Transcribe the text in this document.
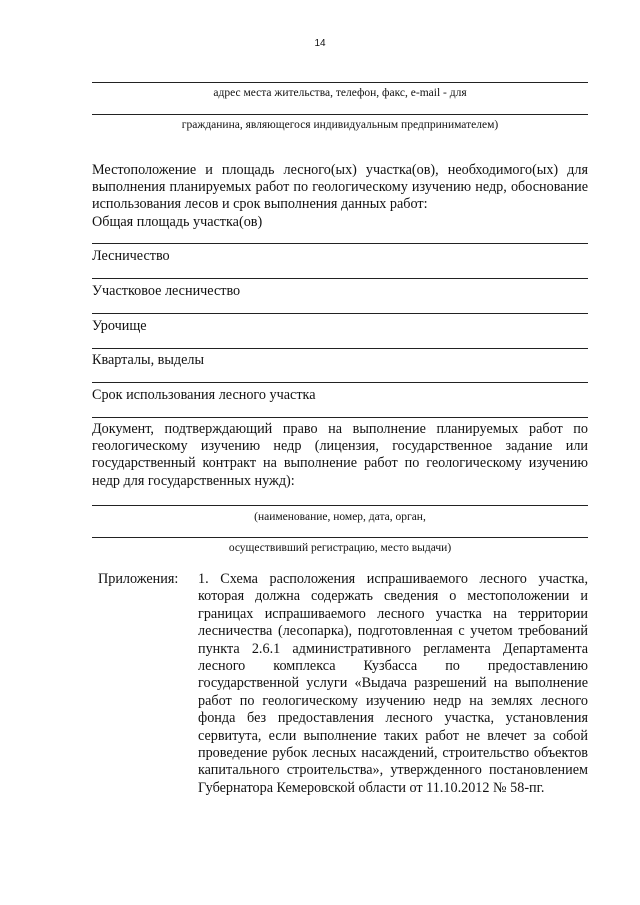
14
адрес места жительства, телефон, факс, e-mail - для
гражданина, являющегося индивидуальным предпринимателем)
Местоположение и площадь лесного(ых) участка(ов), необходимого(ых) для выполнения планируемых работ по геологическому изучению недр, обоснование использования лесов и срок выполнения данных работ:
Общая площадь участка(ов)
Лесничество
Участковое лесничество
Урочище
Кварталы, выделы
Срок использования лесного участка
Документ, подтверждающий право на выполнение планируемых работ по геологическому изучению недр (лицензия, государственное задание или государственный контракт на выполнение работ по геологическому изучению недр для государственных нужд):
(наименование, номер, дата, орган,
осуществивший регистрацию, место выдачи)
Приложения: 1. Схема расположения испрашиваемого лесного участка, которая должна содержать сведения о местоположении и границах испрашиваемого лесного участка на территории лесничества (лесопарка), подготовленная с учетом требований пункта 2.6.1 административного регламента Департамента лесного комплекса Кузбасса по предоставлению государственной услуги «Выдача разрешений на выполнение работ по геологическому изучению недр на землях лесного фонда без предоставления лесного участка, установления сервитута, если выполнение таких работ не влечет за собой проведение рубок лесных насаждений, строительство объектов капитального строительства», утвержденного постановлением Губернатора Кемеровской области от 11.10.2012 № 58-пг.
